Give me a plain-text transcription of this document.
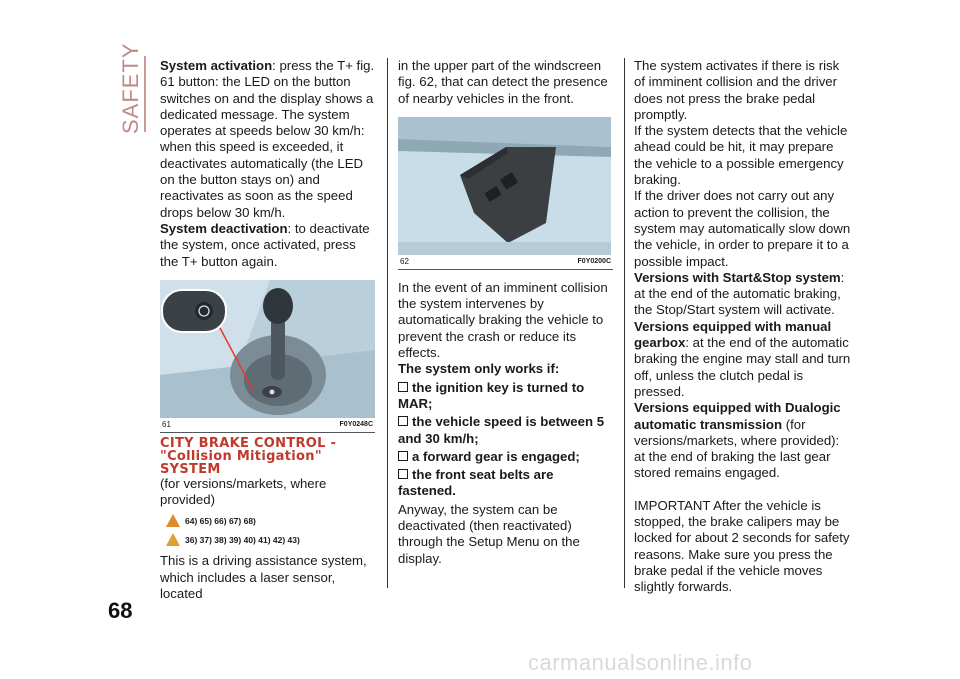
SAFETY System activation: press the T+ fig. 61 button: the LED on the button switches on and the display shows a dedicated message. The system operates at speeds below 30 km/h: when this speed is exceeded, it deactivates automatically (the LED on the button stays on) and reactivates as soon as the speed drops below 30 km/h.

System deactivation: to deactivate the system, once activated, press the T+ button again.

61	F0Y0248C
CITY BRAKE CONTROL - "Collision Mitigation" SYSTEM

(for versions/markets, where provided)

64) 65) 66) 67) 68)
36) 37) 38) 39) 40) 41) 42) 43)

This is a driving assistance system, which includes a laser sensor, located

in the upper part of the windscreen fig. 62, that can detect the presence of nearby vehicles in the front.

62	F0Y0200C

In the event of an imminent collision the system intervenes by automatically braking the vehicle to prevent the crash or reduce its effects.

The system only works if:

the ignition key is turned to MAR;
the vehicle speed is between 5 and 30 km/h;
a forward gear is engaged;
the front seat belts are fastened.

Anyway, the system can be deactivated (then reactivated) through the Setup Menu on the display.

The system activates if there is risk of imminent collision and the driver does not press the brake pedal promptly.

If the system detects that the vehicle ahead could be hit, it may prepare the vehicle to a possible emergency braking.

If the driver does not carry out any action to prevent the collision, the system may automatically slow down the vehicle, in order to prepare it to a possible impact.

Versions with Start&Stop system: at the end of the automatic braking, the Stop/Start system will activate.

Versions equipped with manual gearbox: at the end of the automatic braking the engine may stall and turn off, unless the clutch pedal is pressed.

Versions equipped with Dualogic automatic transmission (for versions/markets, where provided): at the end of braking the last gear stored remains engaged.

IMPORTANT After the vehicle is stopped, the brake calipers may be locked for about 2 seconds for safety reasons. Make sure you press the brake pedal if the vehicle moves slightly forwards.

68
carmanualsonline.info
